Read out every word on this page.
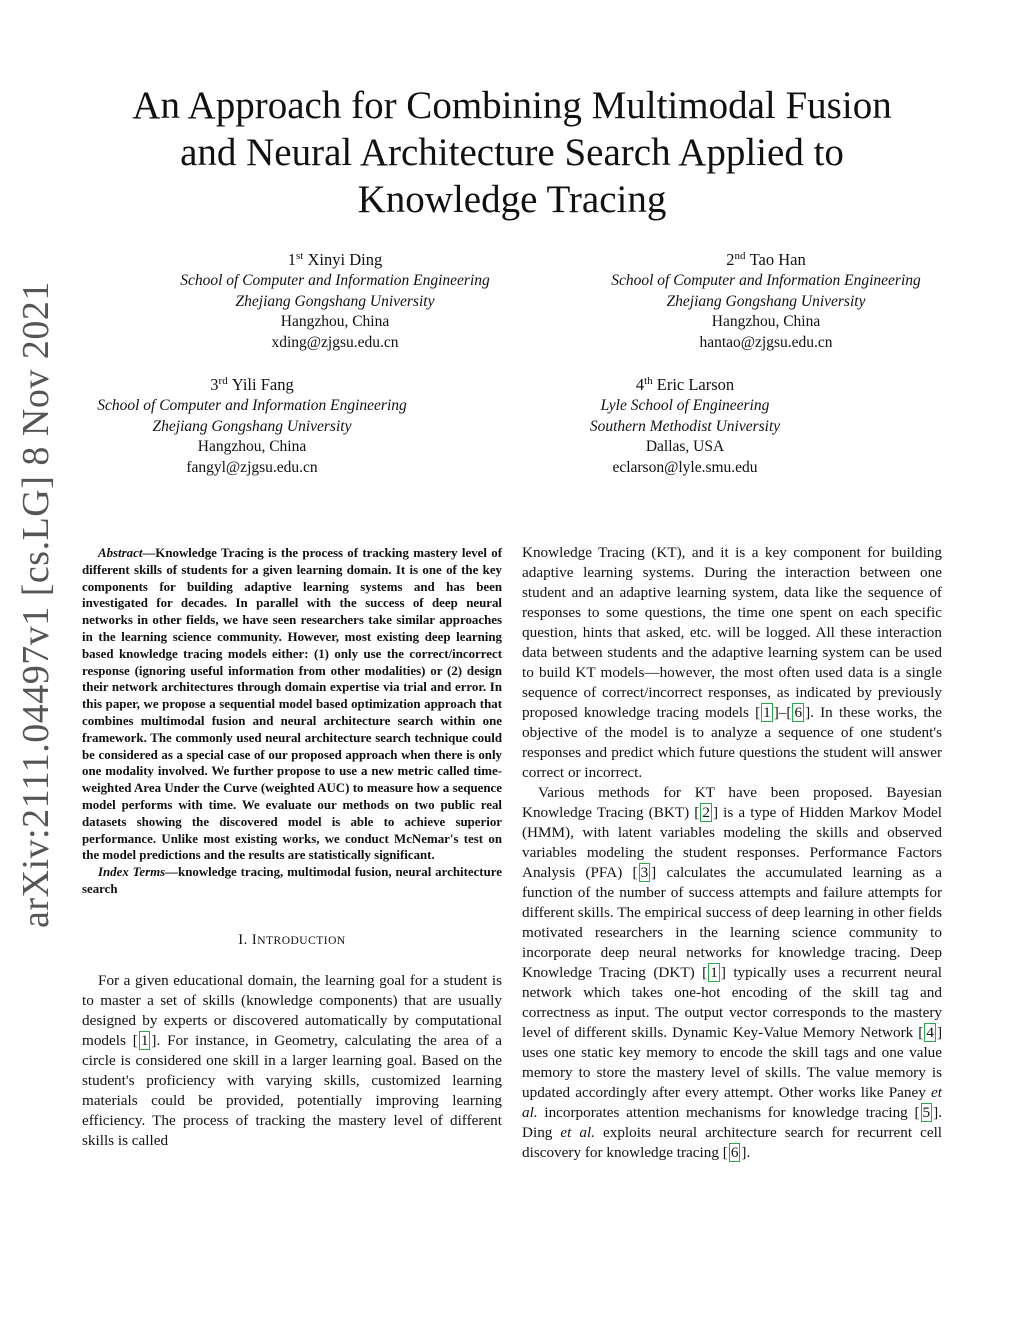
arXiv:2111.04497v1 [cs.LG] 8 Nov 2021
An Approach for Combining Multimodal Fusion
and Neural Architecture Search Applied to
Knowledge Tracing
1st Xinyi Ding
School of Computer and Information Engineering
Zhejiang Gongshang University
Hangzhou, China
xding@zjgsu.edu.cn
2nd Tao Han
School of Computer and Information Engineering
Zhejiang Gongshang University
Hangzhou, China
hantao@zjgsu.edu.cn
3rd Yili Fang
School of Computer and Information Engineering
Zhejiang Gongshang University
Hangzhou, China
fangyl@zjgsu.edu.cn
4th Eric Larson
Lyle School of Engineering
Southern Methodist University
Dallas, USA
eclarson@lyle.smu.edu

Abstract—Knowledge Tracing is the process of tracking mastery level of different skills of students for a given learning domain. It is one of the key components for building adaptive learning systems and has been investigated for decades. In parallel with the success of deep neural networks in other fields, we have seen researchers take similar approaches in the learning science community. However, most existing deep learning based knowledge tracing models either: (1) only use the correct/incorrect response (ignoring useful information from other modalities) or (2) design their network architectures through domain expertise via trial and error. In this paper, we propose a sequential model based optimization approach that combines multimodal fusion and neural architecture search within one framework. The commonly used neural architecture search technique could be considered as a special case of our proposed approach when there is only one modality involved. We further propose to use a new metric called time-weighted Area Under the Curve (weighted AUC) to measure how a sequence model performs with time. We evaluate our methods on two public real datasets showing the discovered model is able to achieve superior performance. Unlike most existing works, we conduct McNemar's test on the model predictions and the results are statistically significant.

Index Terms—knowledge tracing, multimodal fusion, neural architecture search

I. INTRODUCTION

For a given educational domain, the learning goal for a student is to master a set of skills (knowledge components) that are usually designed by experts or discovered automatically by computational models [ 1 ]. For instance, in Geometry, calculating the area of a circle is considered one skill in a larger learning goal. Based on the student's proficiency with varying skills, customized learning materials could be provided, potentially improving learning efficiency. The process of tracking the mastery level of different skills is called

Knowledge Tracing (KT), and it is a key component for building adaptive learning systems. During the interaction between one student and an adaptive learning system, data like the sequence of responses to some questions, the time one spent on each specific question, hints that asked, etc. will be logged. All these interaction data between students and the adaptive learning system can be used to build KT models—however, the most often used data is a single sequence of correct/incorrect responses, as indicated by previously proposed knowledge tracing models [ 1 ]–[ 6 ]. In these works, the objective of the model is to analyze a sequence of one student's responses and predict which future questions the student will answer correct or incorrect.

Various methods for KT have been proposed. Bayesian Knowledge Tracing (BKT) [ 2 ] is a type of Hidden Markov Model (HMM), with latent variables modeling the skills and observed variables modeling the student responses. Performance Factors Analysis (PFA) [ 3 ] calculates the accumulated learning as a function of the number of success attempts and failure attempts for different skills. The empirical success of deep learning in other fields motivated researchers in the learning science community to incorporate deep neural networks for knowledge tracing. Deep Knowledge Tracing (DKT) [ 1 ] typically uses a recurrent neural network which takes one-hot encoding of the skill tag and correctness as input. The output vector corresponds to the mastery level of different skills. Dynamic Key-Value Memory Network [ 4 ] uses one static key memory to encode the skill tags and one value memory to store the mastery level of skills. The value memory is updated accordingly after every attempt. Other works like Paney et al. incorporates attention mechanisms for knowledge tracing [ 5 ]. Ding et al. exploits neural architecture search for recurrent cell discovery for knowledge tracing [ 6 ].
